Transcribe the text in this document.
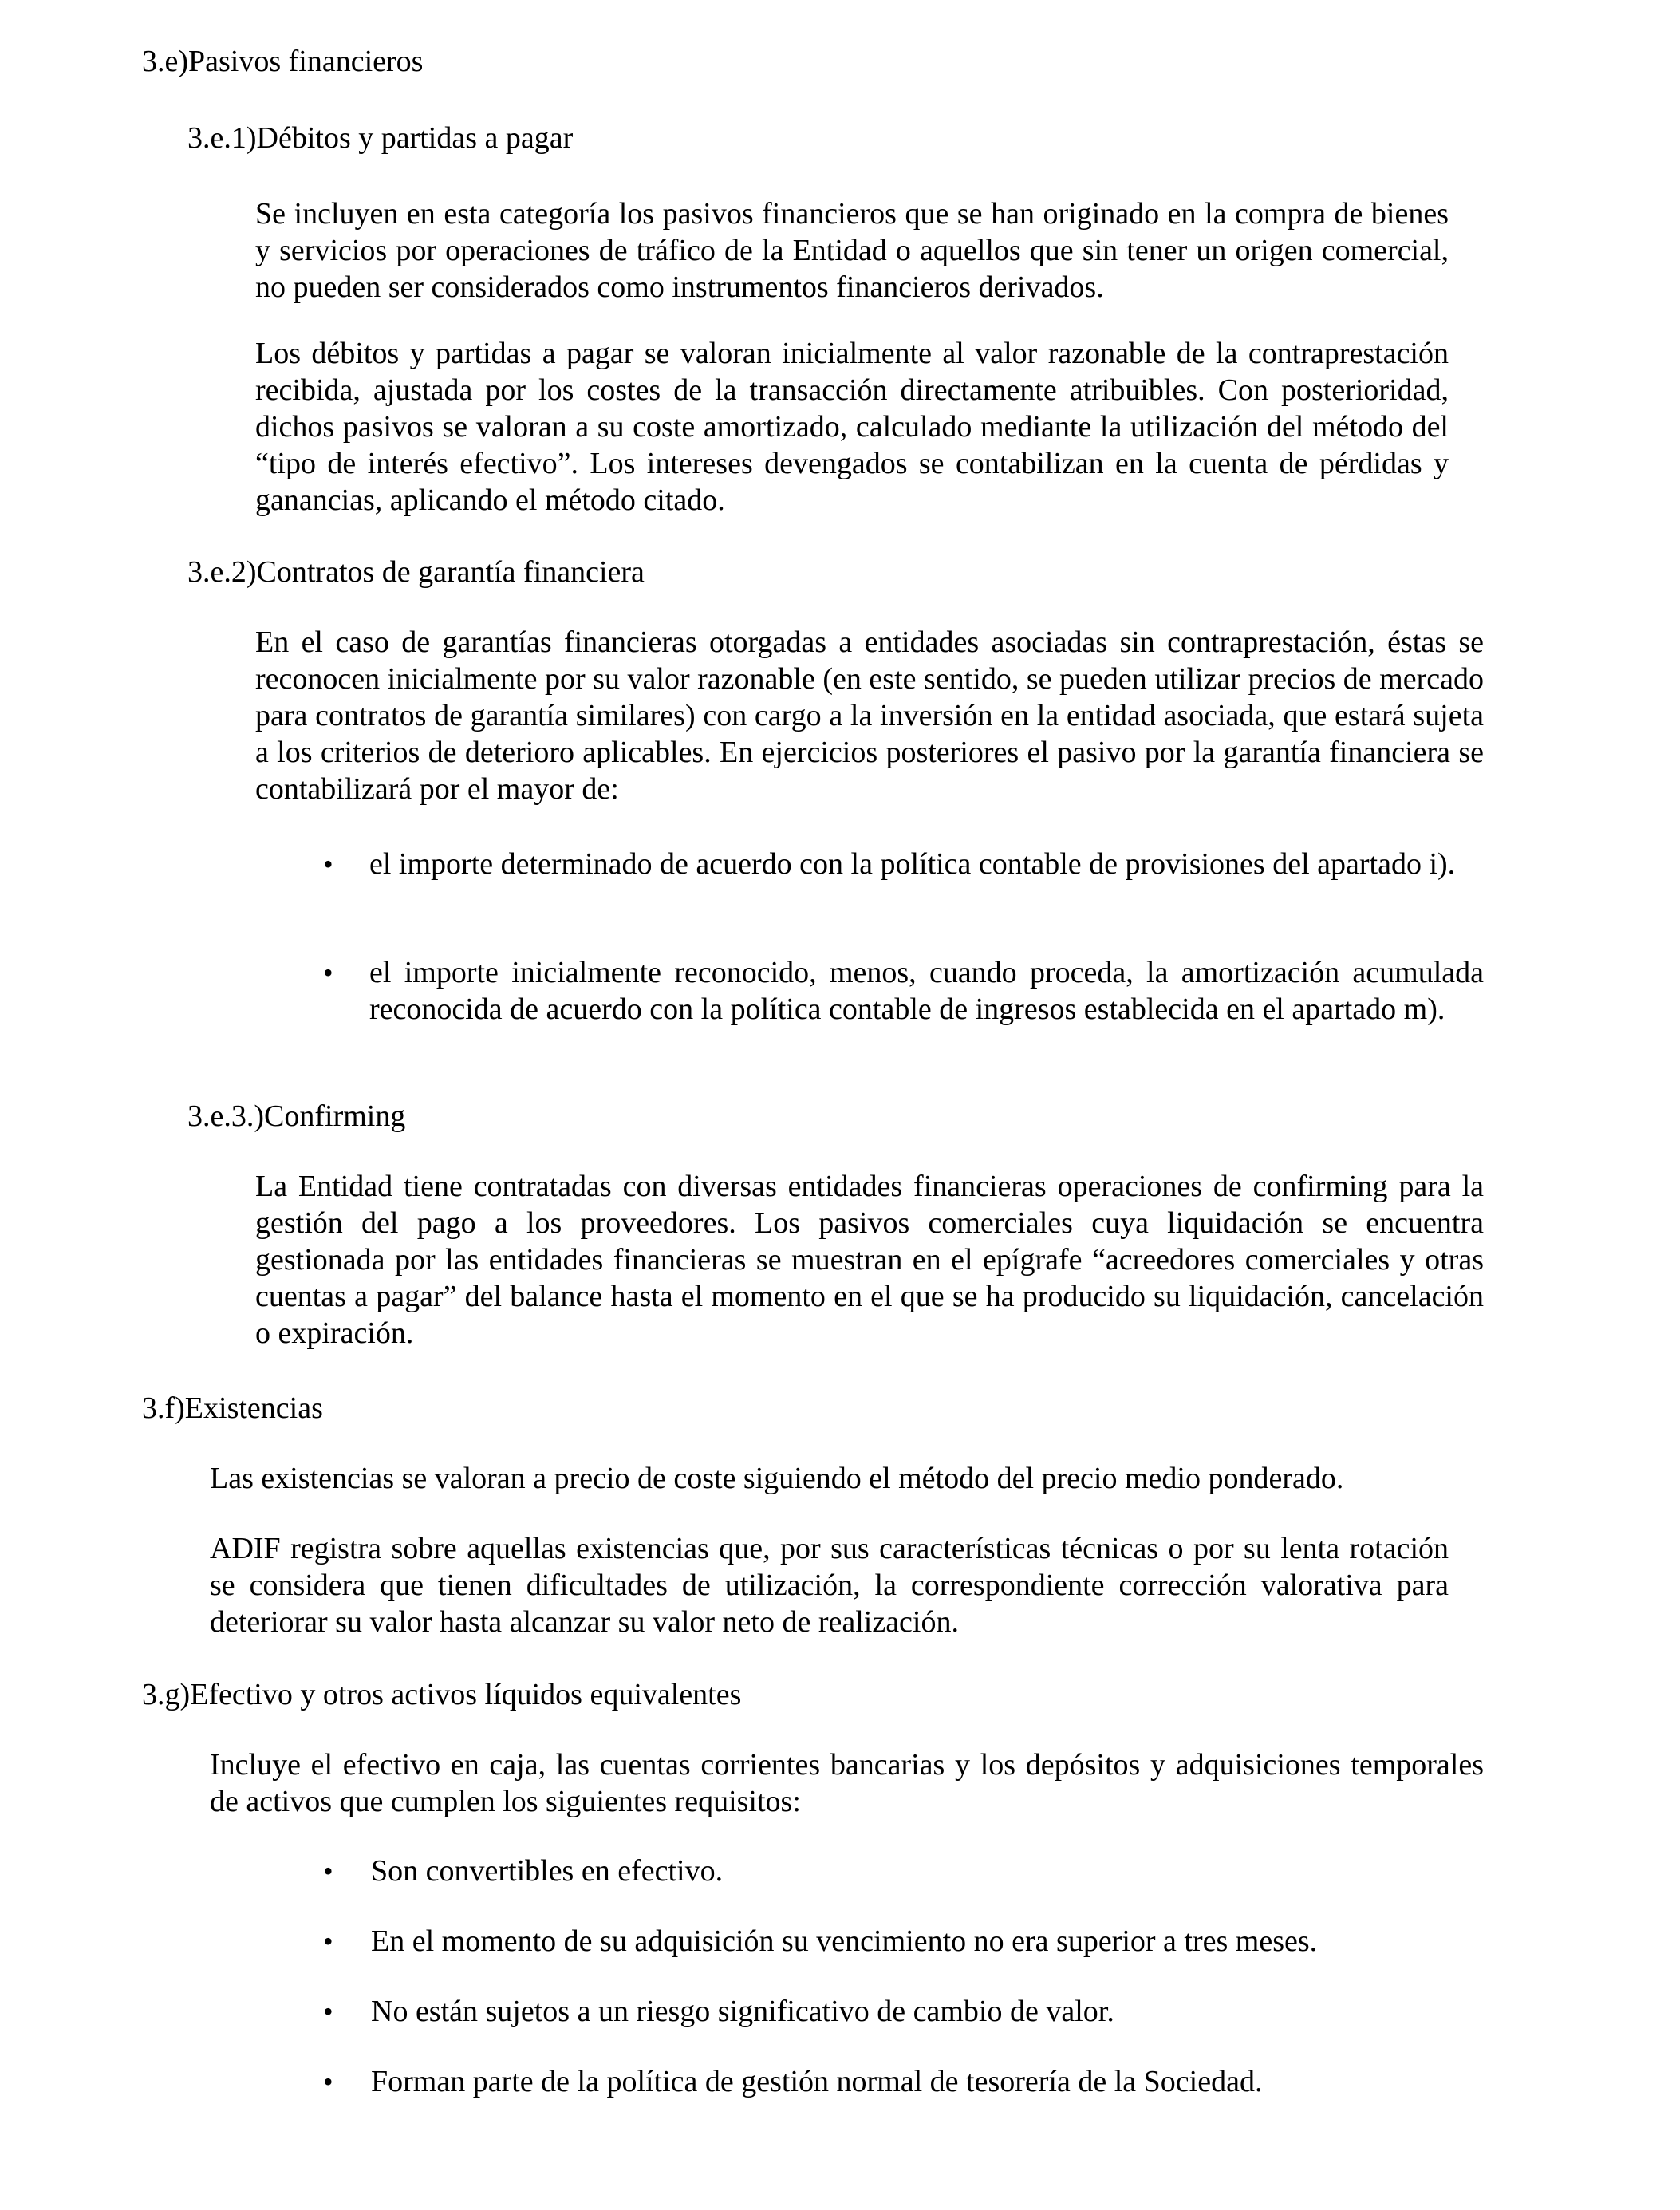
3.e)Pasivos financieros
3.e.1)Débitos y partidas a pagar

Se incluyen en esta categoría los pasivos financieros que se han originado en la compra de bienes y servicios por operaciones de tráfico de la Entidad o aquellos que sin tener un origen comercial, no pueden ser considerados como instrumentos financieros derivados.

Los débitos y partidas a pagar se valoran inicialmente al valor razonable de la contraprestación recibida, ajustada por los costes de la transacción directamente atribuibles. Con posterioridad, dichos pasivos se valoran a su coste amortizado, calculado mediante la utilización del método del “tipo de interés efectivo”. Los intereses devengados se contabilizan en la cuenta de pérdidas y ganancias, aplicando el método citado.

3.e.2)Contratos de garantía financiera

En el caso de garantías financieras otorgadas a entidades asociadas sin contraprestación, éstas se reconocen inicialmente por su valor razonable (en este sentido, se pueden utilizar precios de mercado para contratos de garantía similares) con cargo a la inversión en la entidad asociada, que estará sujeta a los criterios de deterioro aplicables. En ejercicios posteriores el pasivo por la garantía financiera se contabilizará por el mayor de:

• el importe determinado de acuerdo con la política contable de provisiones del apartado i).

• el importe inicialmente reconocido, menos, cuando proceda, la amortización acumulada reconocida de acuerdo con la política contable de ingresos establecida en el apartado m).

3.e.3.)Confirming

La Entidad tiene contratadas con diversas entidades financieras operaciones de confirming para la gestión del pago a los proveedores. Los pasivos comerciales cuya liquidación se encuentra gestionada por las entidades financieras se muestran en el epígrafe “acreedores comerciales y otras cuentas a pagar” del balance hasta el momento en el que se ha producido su liquidación, cancelación o expiración.

3.f)Existencias

Las existencias se valoran a precio de coste siguiendo el método del precio medio ponderado.

ADIF registra sobre aquellas existencias que, por sus características técnicas o por su lenta rotación se considera que tienen dificultades de utilización, la correspondiente corrección valorativa para deteriorar su valor hasta alcanzar su valor neto de realización.

3.g)Efectivo y otros activos líquidos equivalentes

Incluye el efectivo en caja, las cuentas corrientes bancarias y los depósitos y adquisiciones temporales de activos que cumplen los siguientes requisitos:

• Son convertibles en efectivo.

• En el momento de su adquisición su vencimiento no era superior a tres meses.

• No están sujetos a un riesgo significativo de cambio de valor.

• Forman parte de la política de gestión normal de tesorería de la Sociedad.
